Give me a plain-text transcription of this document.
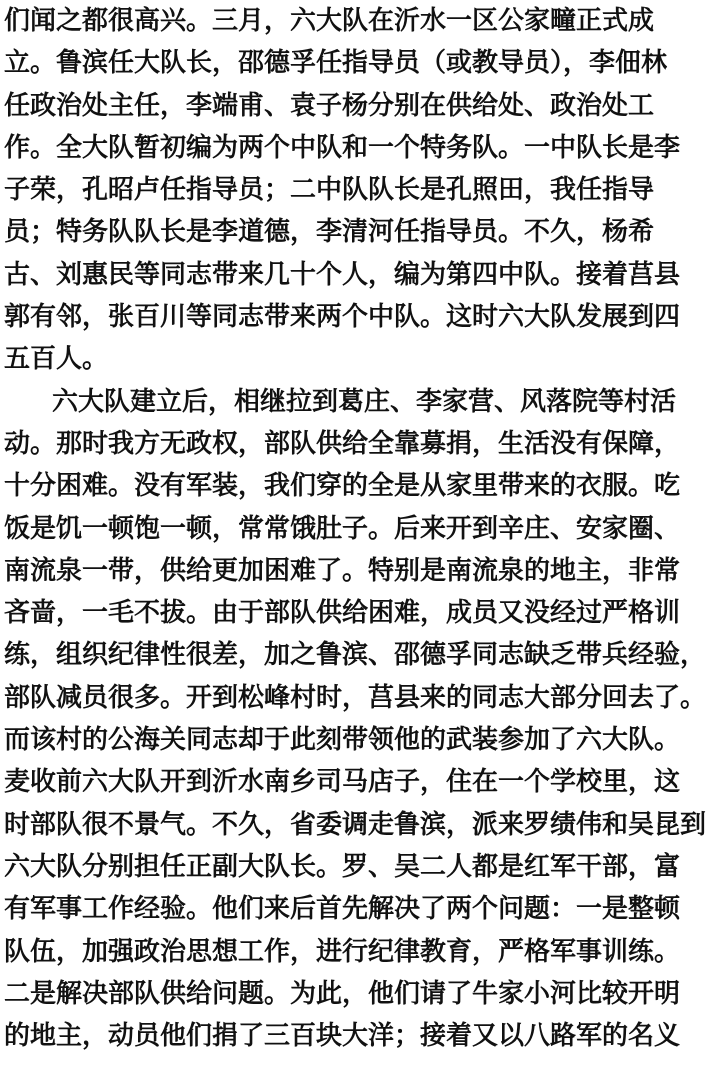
们闻之都很高兴。三月，六大队在沂水一区公家疃正式成
立。鲁滨任大队长，邵德孚任指导员（或教导员），李佃林
任政治处主任，李端甫、袁子杨分别在供给处、政治处工
作。全大队暂初编为两个中队和一个特务队。一中队长是李
子荣，孔昭卢任指导员；二中队队长是孔照田，我任指导
员；特务队队长是李道德，李清河任指导员。不久，杨希
古、刘惠民等同志带来几十个人，编为第四中队。接着莒县
郭有邻，张百川等同志带来两个中队。这时六大队发展到四
五百人。
六大队建立后，相继拉到葛庄、李家营、风落院等村活
动。那时我方无政权，部队供给全靠募捐，生活没有保障，
十分困难。没有军装，我们穿的全是从家里带来的衣服。吃
饭是饥一顿饱一顿，常常饿肚子。后来开到辛庄、安家圈、
南流泉一带，供给更加困难了。特别是南流泉的地主，非常
吝啬，一毛不拔。由于部队供给困难，成员又没经过严格训
练，组织纪律性很差，加之鲁滨、邵德孚同志缺乏带兵经验，
部队减员很多。开到松峰村时，莒县来的同志大部分回去了。
而该村的公海关同志却于此刻带领他的武装参加了六大队。
麦收前六大队开到沂水南乡司马店子，住在一个学校里，这
时部队很不景气。不久，省委调走鲁滨，派来罗绩伟和吴昆到
六大队分别担任正副大队长。罗、吴二人都是红军干部，富
有军事工作经验。他们来后首先解决了两个问题：一是整顿
队伍，加强政治思想工作，进行纪律教育，严格军事训练。
二是解决部队供给问题。为此，他们请了牛家小河比较开明
的地主，动员他们捐了三百块大洋；接着又以八路军的名义
